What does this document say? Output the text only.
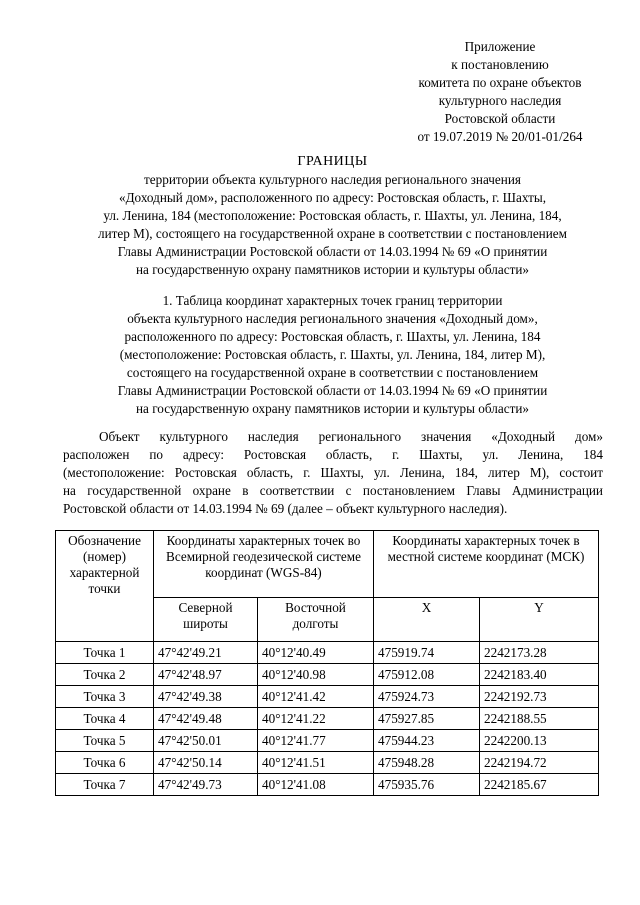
Приложение
к постановлению
комитета по охране объектов
культурного наследия
Ростовской области
от 19.07.2019 № 20/01-01/264
ГРАНИЦЫ
территории объекта культурного наследия регионального значения
«Доходный дом», расположенного по адресу: Ростовская область, г. Шахты,
ул. Ленина, 184 (местоположение: Ростовская область, г. Шахты, ул. Ленина, 184,
литер М), состоящего на государственной охране в соответствии с постановлением
Главы Администрации Ростовской области от 14.03.1994 № 69 «О принятии
на государственную охрану памятников истории и культуры области»
1. Таблица координат характерных точек границ территории
объекта культурного наследия регионального значения «Доходный дом»,
расположенного по адресу: Ростовская область, г. Шахты, ул. Ленина, 184
(местоположение: Ростовская область, г. Шахты, ул. Ленина, 184, литер М),
состоящего на государственной охране в соответствии с постановлением
Главы Администрации Ростовской области от 14.03.1994 № 69 «О принятии
на государственную охрану памятников истории и культуры области»
Объект культурного наследия регионального значения «Доходный дом»
расположен по адресу: Ростовская область, г. Шахты, ул. Ленина, 184
(местоположение: Ростовская область, г. Шахты, ул. Ленина, 184, литер М), состоит
на государственной охране в соответствии с постановлением Главы Администрации
Ростовской области от 14.03.1994 № 69 (далее – объект культурного наследия).
Обозначение (номер) характерной точки	Координаты характерных точек во Всемирной геодезической системе координат (WGS-84)		Координаты характерных точек в местной системе координат (МСК)	
	Северной широты	Восточной долготы	X	Y
Точка 1	47°42'49.21	40°12'40.49	475919.74	2242173.28
Точка 2	47°42'48.97	40°12'40.98	475912.08	2242183.40
Точка 3	47°42'49.38	40°12'41.42	475924.73	2242192.73
Точка 4	47°42'49.48	40°12'41.22	475927.85	2242188.55
Точка 5	47°42'50.01	40°12'41.77	475944.23	2242200.13
Точка 6	47°42'50.14	40°12'41.51	475948.28	2242194.72
Точка 7	47°42'49.73	40°12'41.08	475935.76	2242185.67
